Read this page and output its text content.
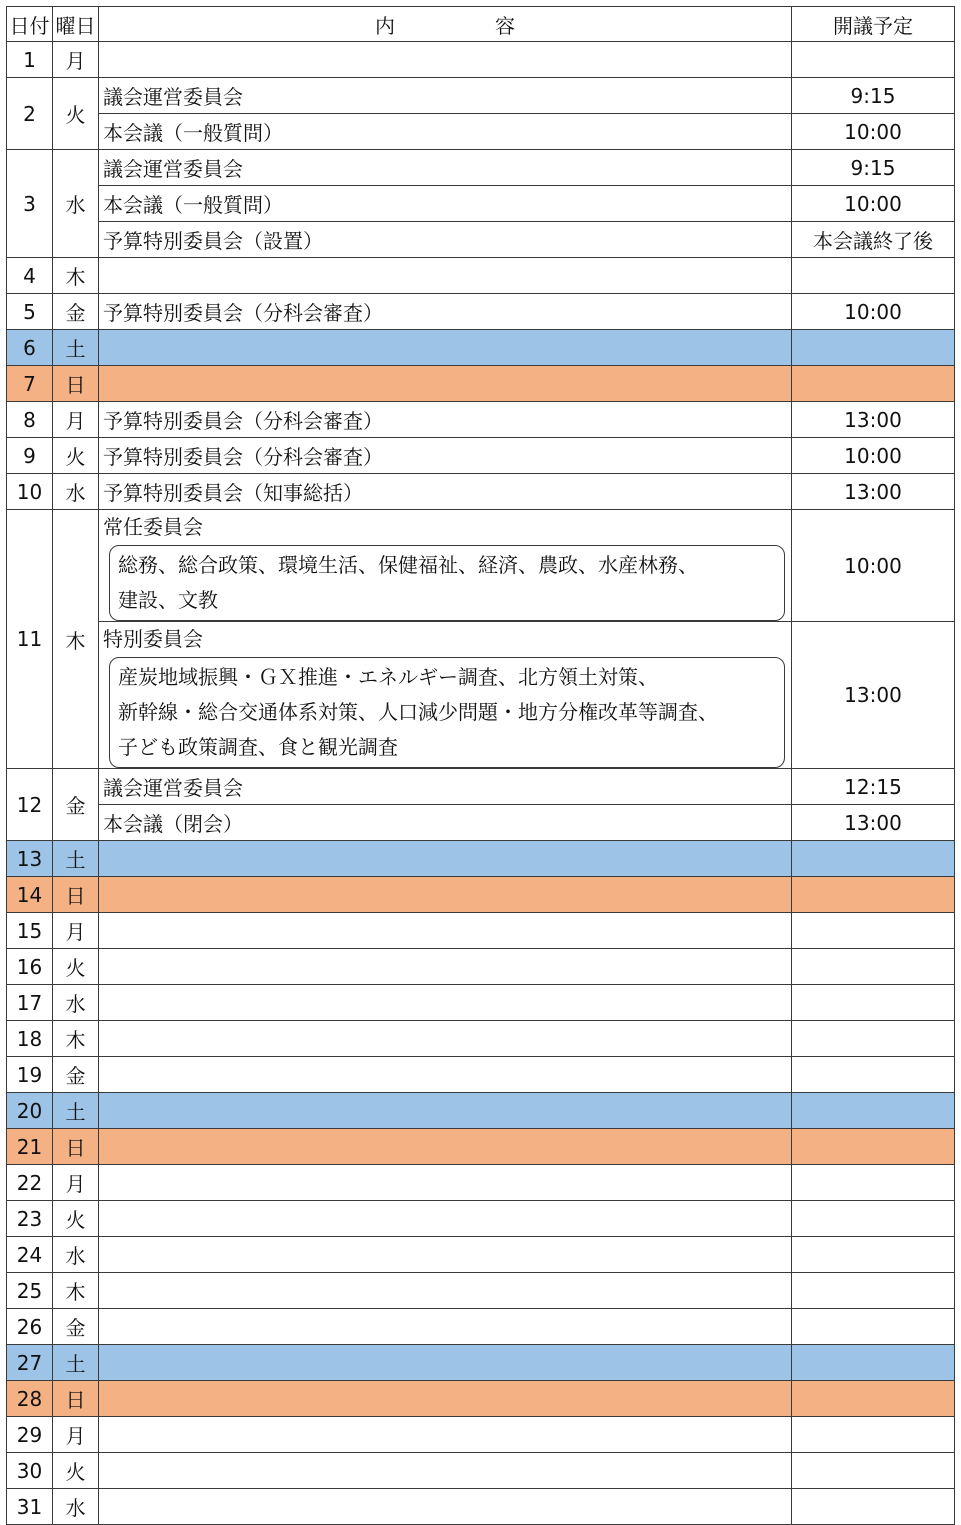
日付	曜日	内　　　　　容	開議予定
1	月		
2	火	議会運営委員会	9:15
		本会議（一般質問）	10:00
3	水	議会運営委員会	9:15
		本会議（一般質問）	10:00
		予算特別委員会（設置）	本会議終了後
4	木		
5	金	予算特別委員会（分科会審査）	10:00
6	土		
7	日		
8	月	予算特別委員会（分科会審査）	13:00
9	火	予算特別委員会（分科会審査）	10:00
10	水	予算特別委員会（知事総括）	13:00
11	木	常任委員会
総務、総合政策、環境生活、保健福祉、経済、農政、水産林務、
建設、文教	10:00

		特別委員会
産炭地域振興・ＧＸ推進・エネルギー調査、北方領土対策、
新幹線・総合交通体系対策、人口減少問題・地方分権改革等調査、
子ども政策調査、食と観光調査	13:00
12	金	議会運営委員会	12:15
		本会議（閉会）	13:00
13	土		
14	日		
15	月		
16	火		
17	水		
18	木		
19	金		
20	土		
21	日		
22	月		
23	火		
24	水		
25	木		
26	金		
27	土		
28	日		
29	月		
30	火		
31	水		
